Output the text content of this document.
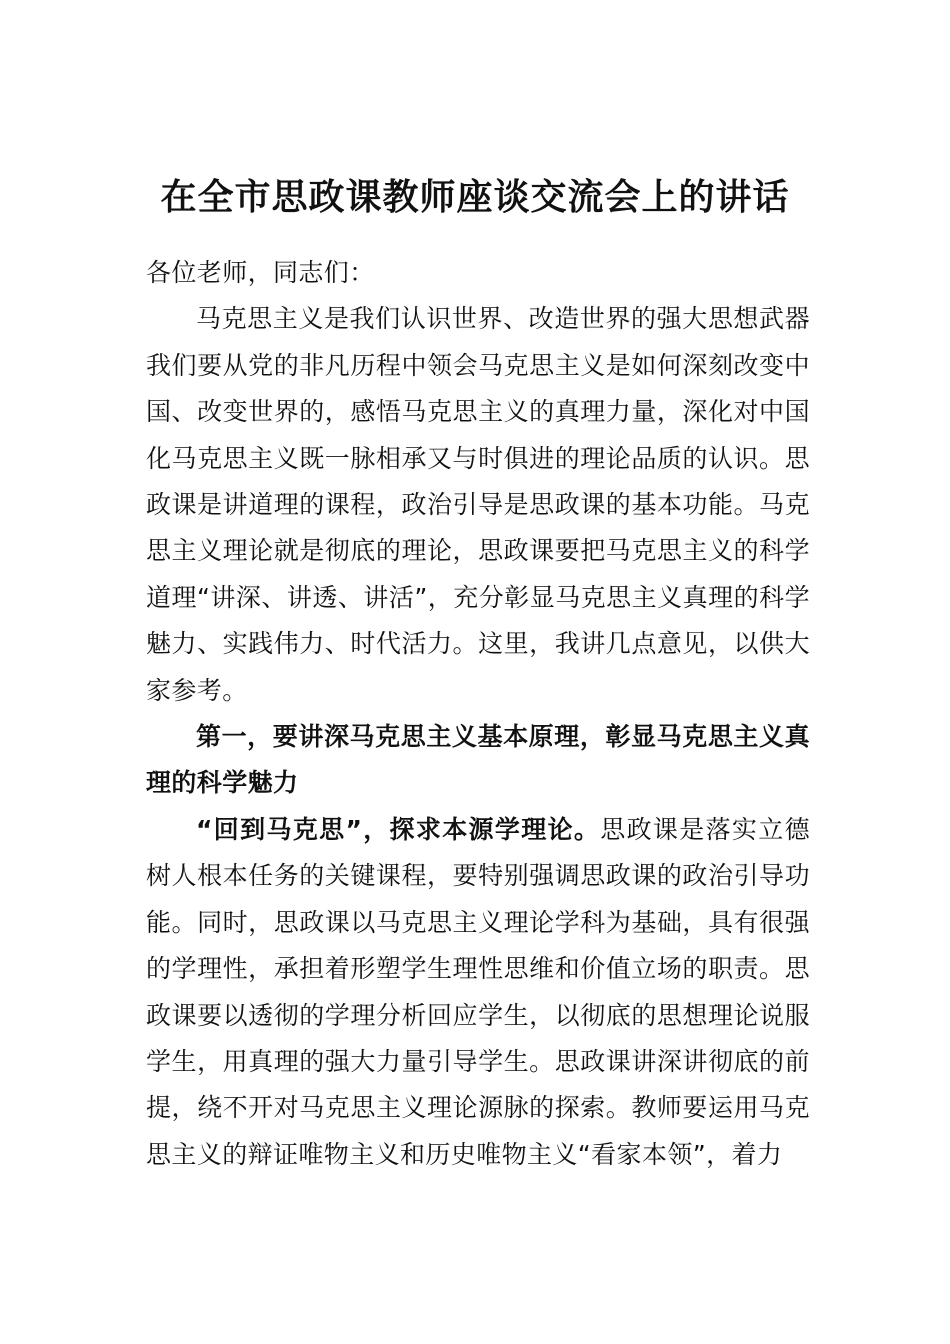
在全市思政课教师座谈交流会上的讲话

各位老师，同志们：

马克思主义是我们认识世界、改造世界的强大思想武器我们要从党的非凡历程中领会马克思主义是如何深刻改变中国、改变世界的，感悟马克思主义的真理力量，深化对中国化马克思主义既一脉相承又与时俱进的理论品质的认识。思政课是讲道理的课程，政治引导是思政课的基本功能。马克思主义理论就是彻底的理论，思政课要把马克思主义的科学道理“讲深、讲透、讲活”，充分彰显马克思主义真理的科学魅力、实践伟力、时代活力。这里，我讲几点意见，以供大家参考。

第一，要讲深马克思主义基本原理，彰显马克思主义真理的科学魅力

“回到马克思”，探求本源学理论。思政课是落实立德树人根本任务的关键课程，要特别强调思政课的政治引导功能。同时，思政课以马克思主义理论学科为基础，具有很强的学理性，承担着形塑学生理性思维和价值立场的职责。思政课要以透彻的学理分析回应学生，以彻底的思想理论说服学生，用真理的强大力量引导学生。思政课讲深讲彻底的前提，绕不开对马克思主义理论源脉的探索。教师要运用马克思主义的辩证唯物主义和历史唯物主义“看家本领”，着力
